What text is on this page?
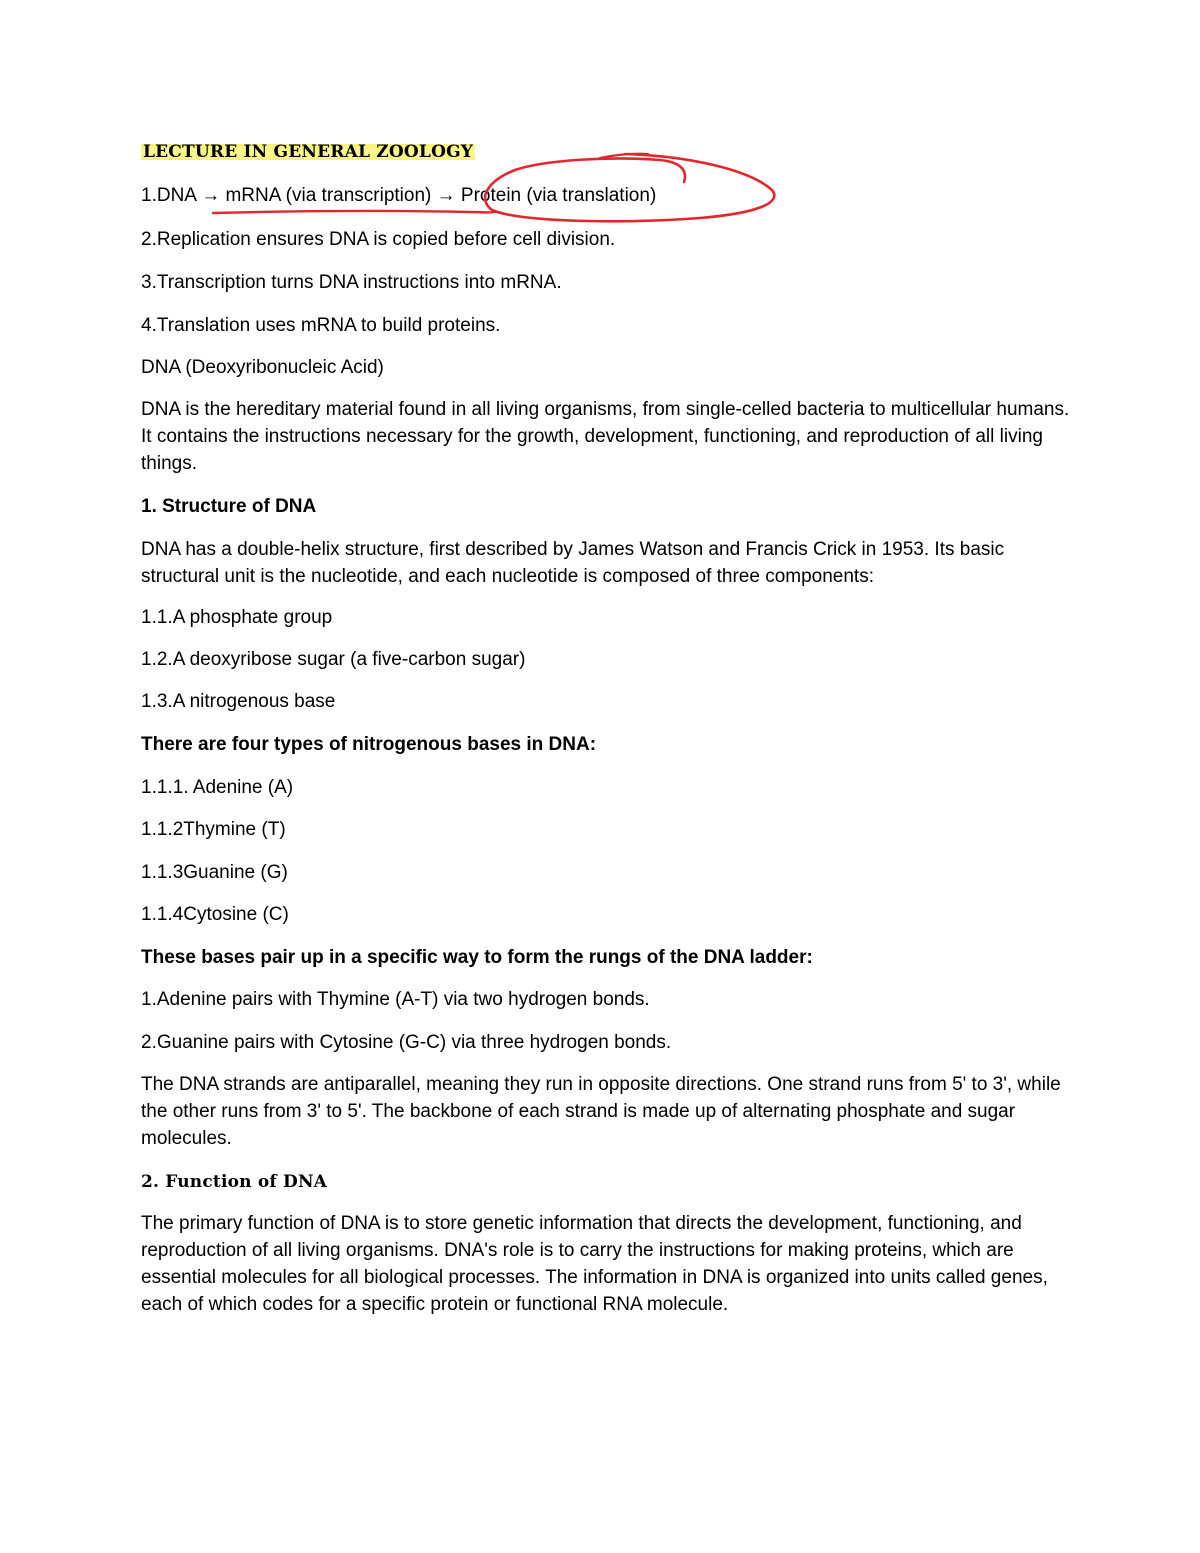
LECTURE IN GENERAL ZOOLOGY
1.DNA → mRNA (via transcription) → Protein (via translation)
2.Replication ensures DNA is copied before cell division.
3.Transcription turns DNA instructions into mRNA.
4.Translation uses mRNA to build proteins.
DNA (Deoxyribonucleic Acid)
DNA is the hereditary material found in all living organisms, from single-celled bacteria to multicellular humans. It contains the instructions necessary for the growth, development, functioning, and reproduction of all living things.
1. Structure of DNA
DNA has a double-helix structure, first described by James Watson and Francis Crick in 1953. Its basic structural unit is the nucleotide, and each nucleotide is composed of three components:
1.1.A phosphate group
1.2.A deoxyribose sugar (a five-carbon sugar)
1.3.A nitrogenous base
There are four types of nitrogenous bases in DNA:
1.1.1. Adenine (A)
1.1.2Thymine (T)
1.1.3Guanine (G)
1.1.4Cytosine (C)
These bases pair up in a specific way to form the rungs of the DNA ladder:
1.Adenine pairs with Thymine (A-T) via two hydrogen bonds.
2.Guanine pairs with Cytosine (G-C) via three hydrogen bonds.
The DNA strands are antiparallel, meaning they run in opposite directions. One strand runs from 5' to 3', while the other runs from 3' to 5'. The backbone of each strand is made up of alternating phosphate and sugar molecules.
2. Function of DNA
The primary function of DNA is to store genetic information that directs the development, functioning, and reproduction of all living organisms. DNA's role is to carry the instructions for making proteins, which are essential molecules for all biological processes. The information in DNA is organized into units called genes, each of which codes for a specific protein or functional RNA molecule.
